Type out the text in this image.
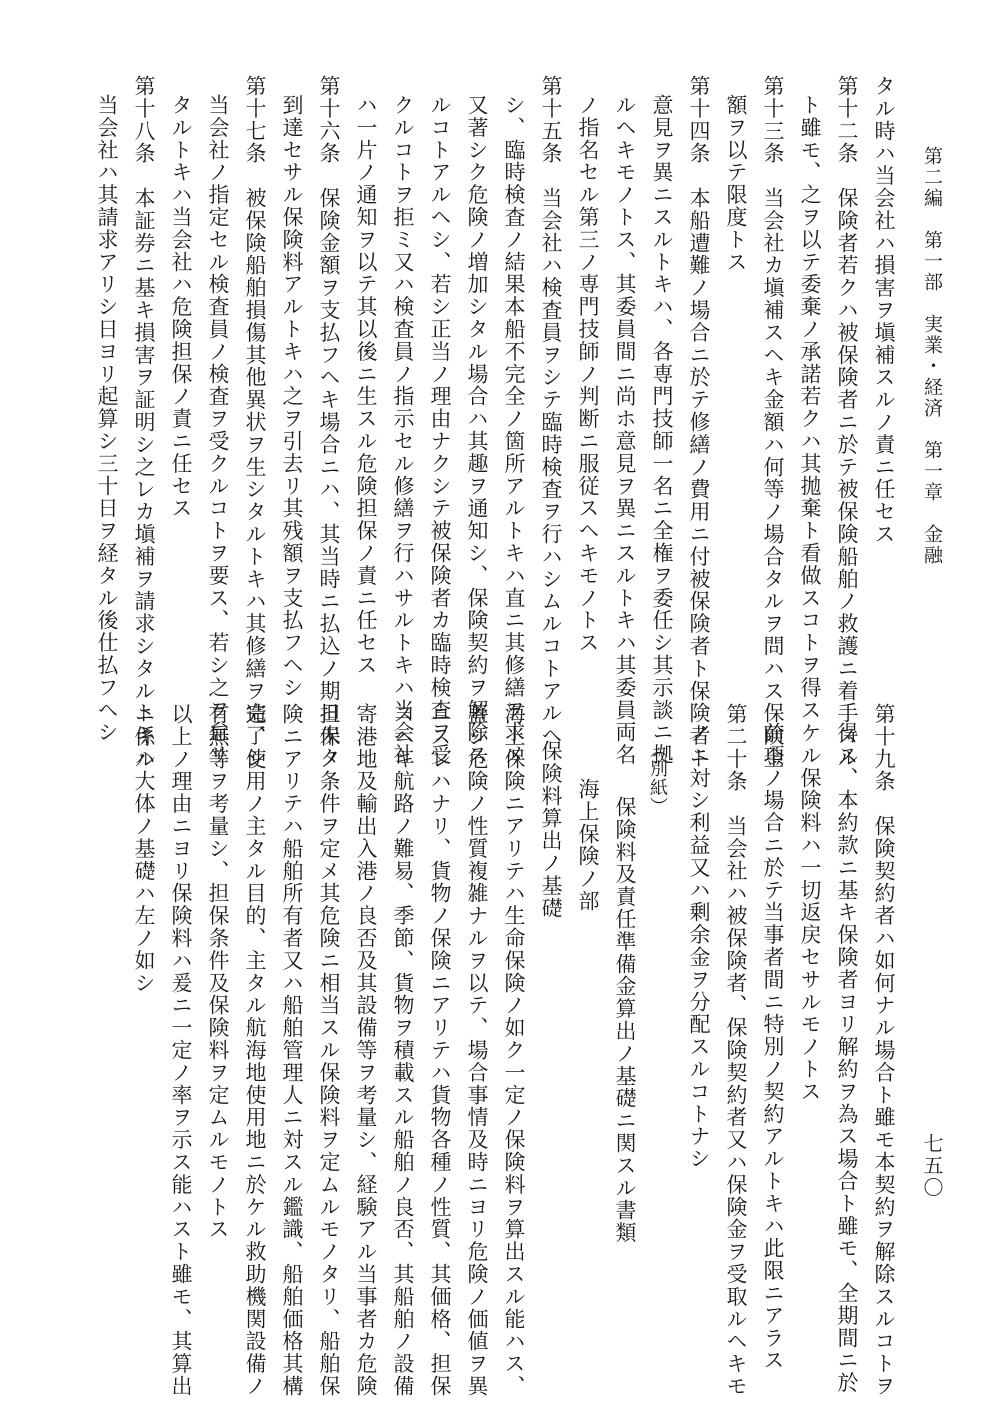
第二編　第一部　実業・経済　第一章　金融
七五〇
タル時ハ当会社ハ損害ヲ塡補スルノ責ニ任セス
第十二条　保険者若クハ被保険者ニ於テ被保険船舶ノ救護ニ着手スル
ト雖モ、之ヲ以テ委棄ノ承諾若クハ其拋棄ト看做スコトヲ得ス
第十三条　当会社カ塡補スヘキ金額ハ何等ノ場合タルヲ問ハス保険金
額ヲ以テ限度トス
第十四条　本船遭難ノ場合ニ於テ修繕ノ費用ニ付被保険者ト保険者ト
意見ヲ異ニスルトキハ、各専門技師一名ニ全権ヲ委任シ其示談ニ拠
ルヘキモノトス、其委員間ニ尚ホ意見ヲ異ニスルトキハ其委員両名
ノ指名セル第三ノ専門技師ノ判断ニ服従スヘキモノトス
第十五条　当会社ハ検査員ヲシテ臨時検査ヲ行ハシムルコトアルヘ
シ、臨時検査ノ結果本船不完全ノ箇所アルトキハ直ニ其修繕ヲ求メ
又著シク危険ノ増加シタル場合ハ其趣ヲ通知シ、保険契約ヲ解除ス
ルコトアルヘシ、若シ正当ノ理由ナクシテ被保険者カ臨時検査ヲ受
クルコトヲ拒ミ又ハ検査員ノ指示セル修繕ヲ行ハサルトキハ当会社
ハ一片ノ通知ヲ以テ其以後ニ生スル危険担保ノ責ニ任セス
第十六条　保険金額ヲ支払フヘキ場合ニハ、其当時ニ払込ノ期日未タ
到達セサル保険料アルトキハ之ヲ引去リ其残額ヲ支払フヘシ
第十七条　被保険船舶損傷其他異状ヲ生シタルトキハ其修繕ヲ完了シ
当会社ノ指定セル検査員ノ検査ヲ受クルコトヲ要ス、若シ之ヲ怠リ
タルトキハ当会社ハ危険担保ノ責ニ任セス
第十八条　本証券ニ基キ損害ヲ証明シ之レカ塡補ヲ請求シタルトキハ
当会社ハ其請求アリシ日ヨリ起算シ三十日ヲ経タル後仕払フヘシ
第十九条　保険契約者ハ如何ナル場合ト雖モ本契約ヲ解除スルコトヲ
得ス、本約款ニ基キ保険者ヨリ解約ヲ為ス場合ト雖モ、全期間ニ於
ケル保険料ハ一切返戻セサルモノトス
前項ノ場合ニ於テ当事者間ニ特別ノ契約アルトキハ此限ニアラス
第二十条　当会社ハ被保険者、保険契約者又ハ保険金ヲ受取ルヘキモ
ノニ対シ利益又ハ剰余金ヲ分配スルコトナシ
（別紙）
保険料及責任準備金算出ノ基礎ニ関スル書類
海上保険ノ部
保険料算出ノ基礎
海上保険ニアリテハ生命保険ノ如ク一定ノ保険料ヲ算出スル能ハス、
蓋シ危険ノ性質複雑ナルヲ以テ、場合事情及時ニヨリ危険ノ価値ヲ異
ニスレハナリ、貨物ノ保険ニアリテハ貨物各種ノ性質、其価格、担保
スヘキ航路ノ難易、季節、貨物ヲ積載スル船舶ノ良否、其船舶ノ設備
寄港地及輸出入港ノ良否及其設備等ヲ考量シ、経験アル当事者カ危険
担保ノ条件ヲ定メ其危険ニ相当スル保険料ヲ定ムルモノタリ、船舶保
険ニアリテハ船舶所有者又ハ船舶管理人ニ対スル鑑識、船舶価格其構
造、使用ノ主タル目的、主タル航海地使用地ニ於ケル救助機関設備ノ
有無等ヲ考量シ、担保条件及保険料ヲ定ムルモノトス
以上ノ理由ニヨリ保険料ハ爰ニ一定ノ率ヲ示ス能ハスト雖モ、其算出
ニ係ル大体ノ基礎ハ左ノ如シ
